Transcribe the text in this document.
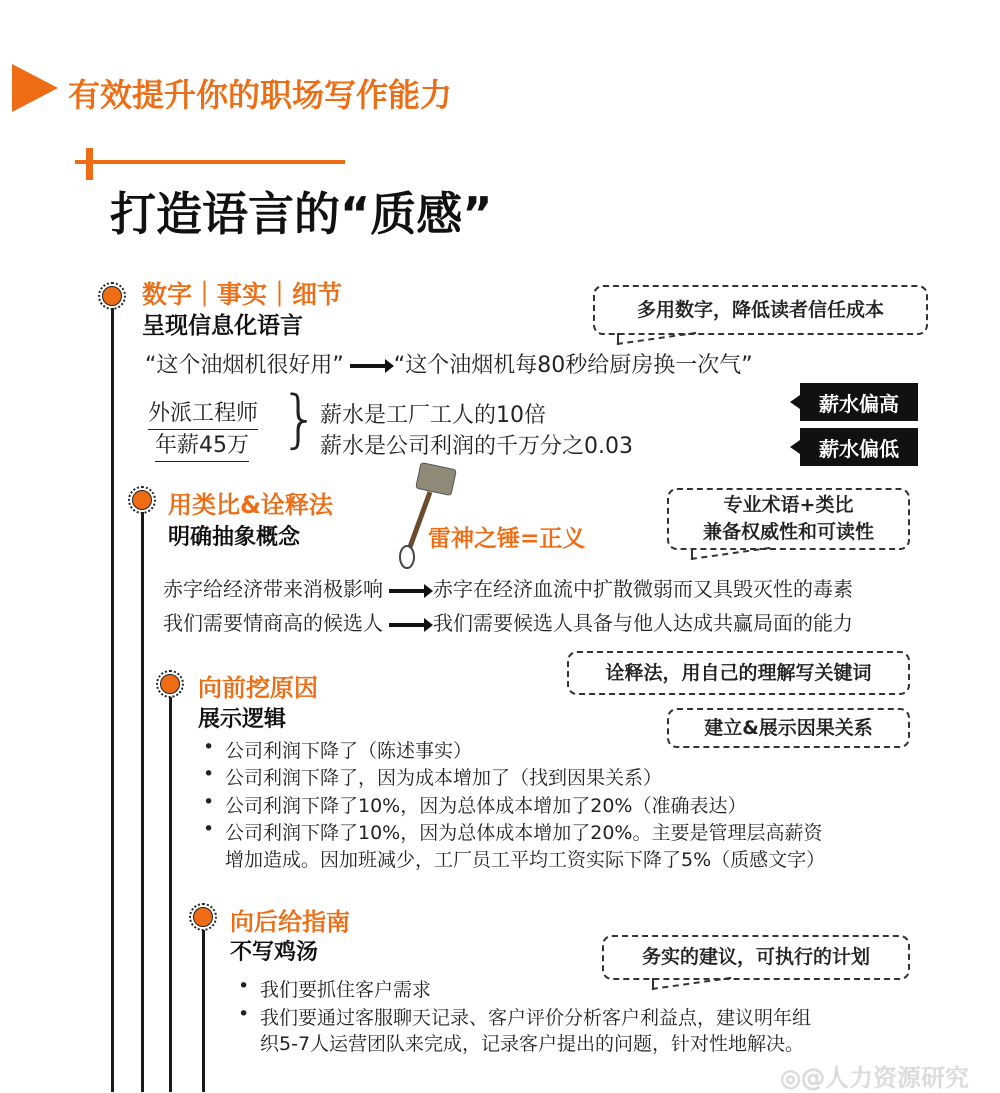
有效提升你的职场写作能力
打造语言的“质感”
数字｜事实｜细节
呈现信息化语言
多用数字，降低读者信任成本
“这个油烟机很好用” “这个油烟机每80秒给厨房换一次气”
外派工程师
年薪45万 } 薪水是工厂工人的10倍
薪水是公司利润的千万分之0.03
薪水偏高
薪水偏低
用类比&诠释法
明确抽象概念	雷神之锤=正义
专业术语+类比
兼备权威性和可读性
赤字给经济带来消极影响	赤字在经济血流中扩散微弱而又具毁灭性的毒素
我们需要情商高的候选人	我们需要候选人具备与他人达成共赢局面的能力
诠释法，用自己的理解写关键词
向前挖原因
展示逻辑	建立&展示因果关系
• 公司利润下降了（陈述事实）
• 公司利润下降了，因为成本增加了（找到因果关系）
• 公司利润下降了10%，因为总体成本增加了20%（准确表达）
• 公司利润下降了10%，因为总体成本增加了20%。主要是管理层高薪资
增加造成。因加班减少，工厂员工平均工资实际下降了5%（质感文字）
向后给指南
不写鸡汤	务实的建议，可执行的计划
• 我们要抓住客户需求
• 我们要通过客服聊天记录、客户评价分析客户利益点，建议明年组
织5-7人运营团队来完成，记录客户提出的问题，针对性地解决。
◎@人力资源研究
